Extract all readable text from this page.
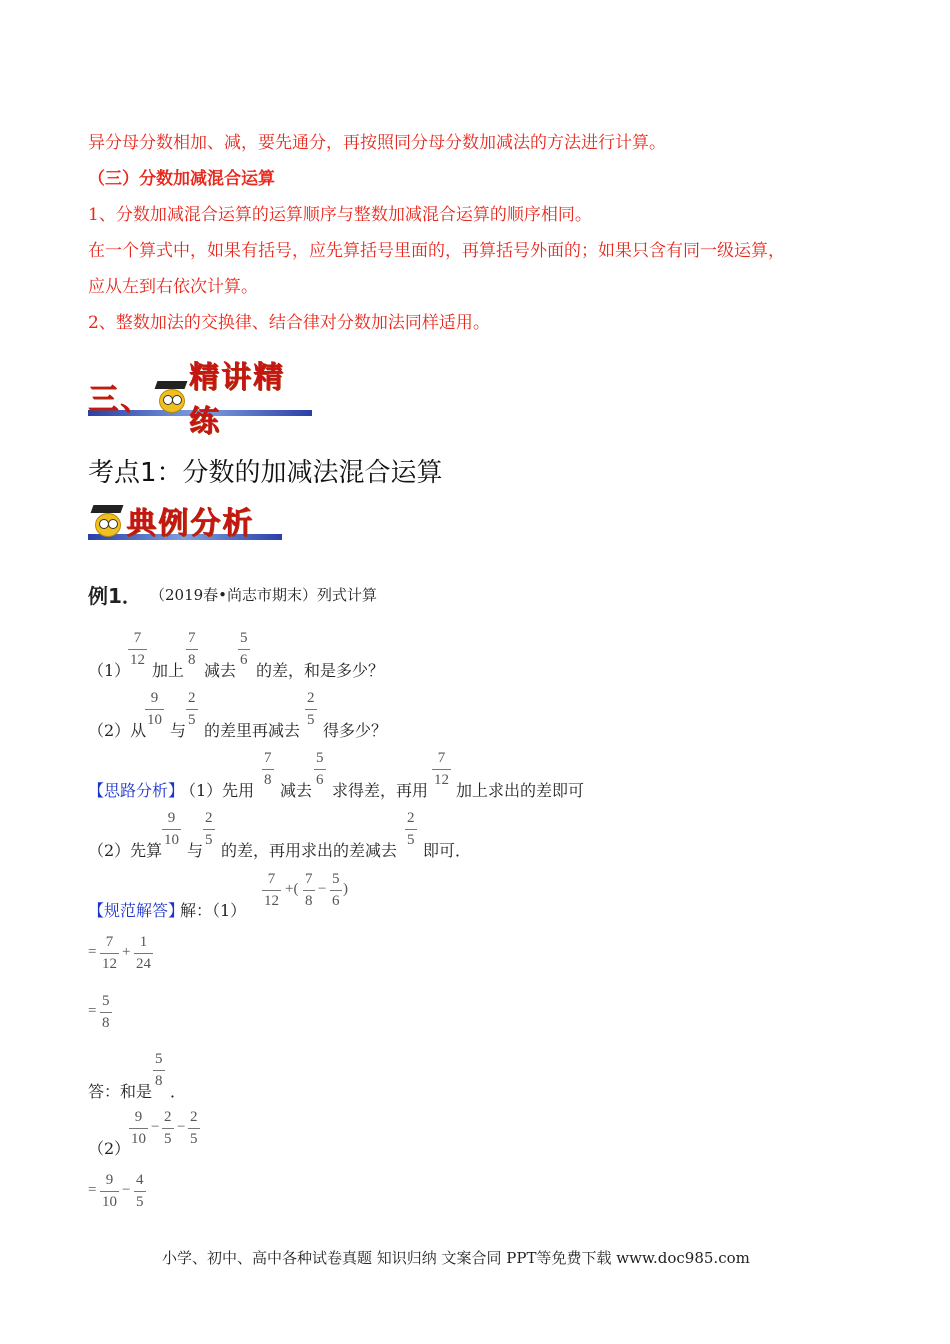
异分母分数相加、减，要先通分，再按照同分母分数加减法的方法进行计算。
（三）分数加减混合运算
1、分数加减混合运算的运算顺序与整数加减混合运算的顺序相同。
在一个算式中，如果有括号，应先算括号里面的，再算括号外面的；如果只含有同一级运算，
应从左到右依次计算。
2、整数加法的交换律、结合律对分数加法同样适用。
三、
精讲精练
考点1：分数的加减法混合运算
典例分析
例1． （2019春•尚志市期末）列式计算
（1）
$\frac{7}{12}$
加上
$\frac{7}{8}$
减去
$\frac{5}{6}$
的差，和是多少？
（2）从
$\frac{9}{10}$
与
$\frac{2}{5}$
的差里再减去
$\frac{2}{5}$
得多少？
【思路分析】
（1）先用
$\frac{7}{8}$
减去
$\frac{5}{6}$
求得差，再用
$\frac{7}{12}$
加上求出的差即可
（2）先算
$\frac{9}{10}$
与
$\frac{2}{5}$
的差，再用求出的差减去
$\frac{2}{5}$
即可．
【规范解答】
解：（1）
$\frac{7}{12}$ +( $\frac{7}{8} - \frac{5}{6}$ )
= $\frac{7}{12} + \frac{1}{24}$
= $\frac{5}{8}$
答：和是
$\frac{5}{8}$
．
（2）
$\frac{9}{10} - \frac{2}{5} - \frac{2}{5}$
= $\frac{9}{10} - \frac{4}{5}$
小学、初中、高中各种试卷真题 知识归纳 文案合同 PPT等免费下载 www.doc985.com
